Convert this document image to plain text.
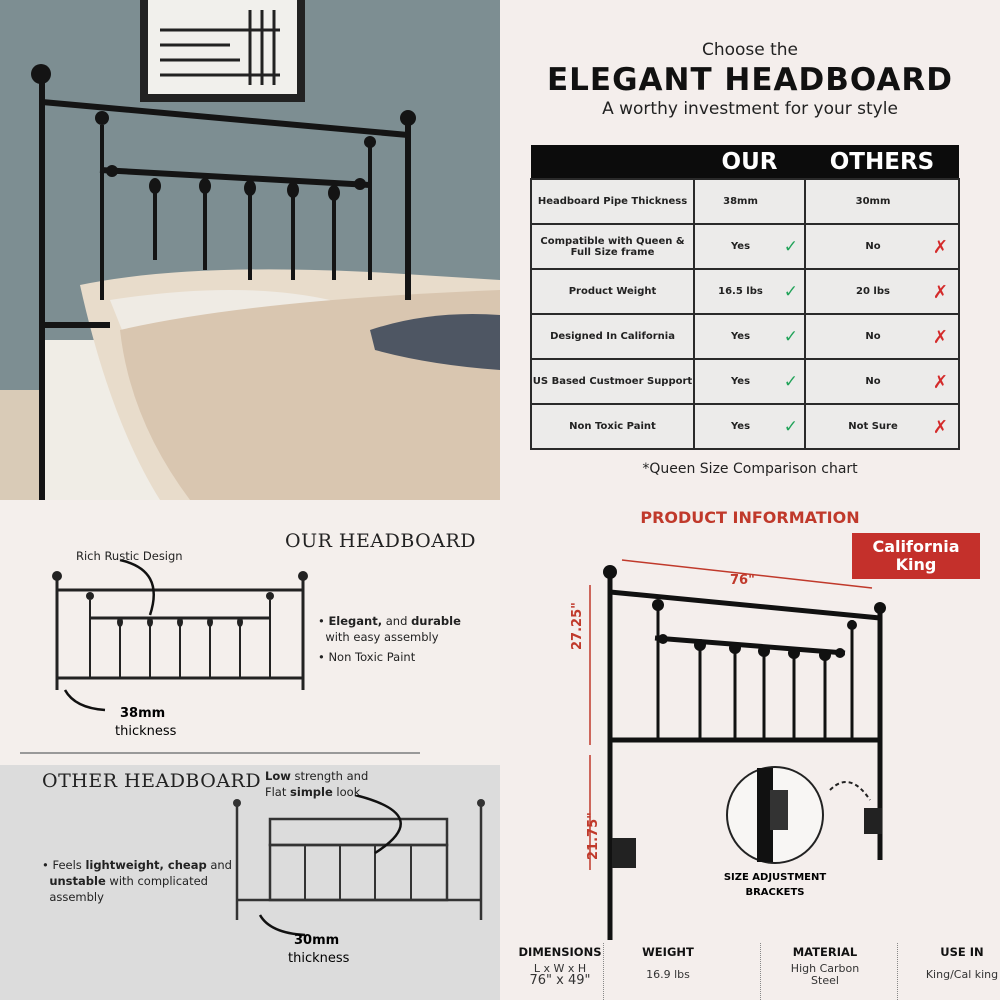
Choose the
ELEGANT HEADBOARD
A worthy investment for your style
	OUR	OTHERS
Headboard Pipe Thickness	38mm	30mm
Compatible with Queen & Full Size frame	Yes ✓	No ✗

Product Weight	16.5 lbs ✓	20 lbs ✗

Designed In California	Yes ✓	No ✗

US Based Custmoer Support	Yes ✓	No ✗

Non Toxic Paint	Yes ✓	Not Sure ✗
*Queen Size Comparison chart
OUR HEADBOARD
Rich Rustic Design
• Elegant, and durable
with easy assembly
• Non Toxic Paint
38mm
thickness
OTHER HEADBOARD Low strength and
Flat simple look
• Feels lightweight, cheap and
unstable with complicated
assembly
30mm
thickness
PRODUCT INFORMATION
California
King
76"
27.25"
21.75"
SIZE ADJUSTMENT
BRACKETS
DIMENSIONS
L x W x H
76" x 49"
WEIGHT
16.9 lbs
MATERIAL
High Carbon
Steel
USE IN
King/Cal king
